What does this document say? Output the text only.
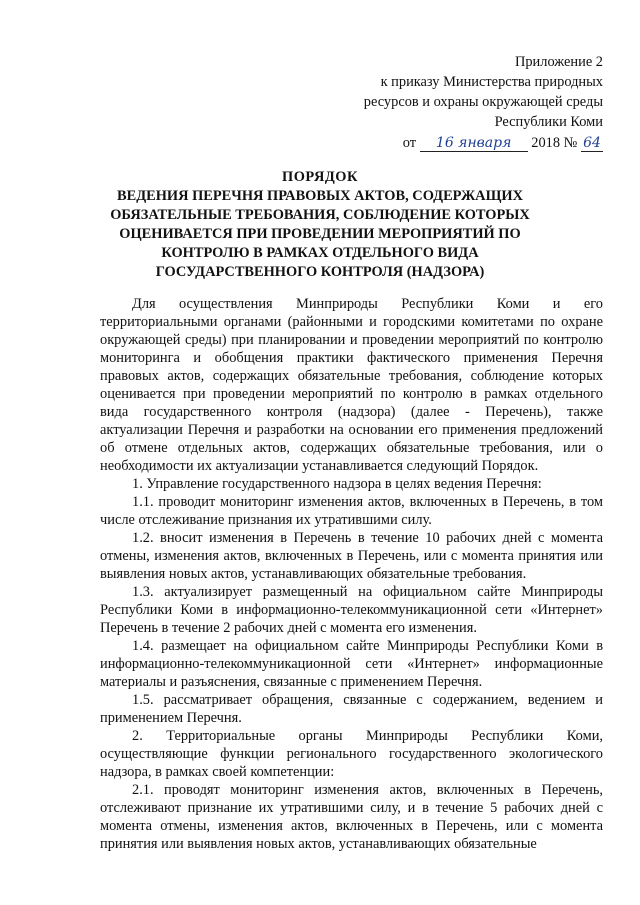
Приложение 2
к приказу Министерства природных
ресурсов и охраны окружающей среды
Республики Коми
от 16 января 2018 № 64
ПОРЯДОК
ВЕДЕНИЯ ПЕРЕЧНЯ ПРАВОВЫХ АКТОВ, СОДЕРЖАЩИХ
ОБЯЗАТЕЛЬНЫЕ ТРЕБОВАНИЯ, СОБЛЮДЕНИЕ КОТОРЫХ
ОЦЕНИВАЕТСЯ ПРИ ПРОВЕДЕНИИ МЕРОПРИЯТИЙ ПО
КОНТРОЛЮ В РАМКАХ ОТДЕЛЬНОГО ВИДА
ГОСУДАРСТВЕННОГО КОНТРОЛЯ (НАДЗОРА)

Для осуществления Минприроды Республики Коми и его территориальными органами (районными и городскими комитетами по охране окружающей среды) при планировании и проведении мероприятий по контролю мониторинга и обобщения практики фактического применения Перечня правовых актов, содержащих обязательные требования, соблюдение которых оценивается при проведении мероприятий по контролю в рамках отдельного вида государственного контроля (надзора) (далее - Перечень), также актуализации Перечня и разработки на основании его применения предложений об отмене отдельных актов, содержащих обязательные требования, или о необходимости их актуализации устанавливается следующий Порядок.

1. Управление государственного надзора в целях ведения Перечня:

1.1. проводит мониторинг изменения актов, включенных в Перечень, в том числе отслеживание признания их утратившими силу.

1.2. вносит изменения в Перечень в течение 10 рабочих дней с момента отмены, изменения актов, включенных в Перечень, или с момента принятия или выявления новых актов, устанавливающих обязательные требования.

1.3. актуализирует размещенный на официальном сайте Минприроды Республики Коми в информационно-телекоммуникационной сети «Интернет» Перечень в течение 2 рабочих дней с момента его изменения.

1.4. размещает на официальном сайте Минприроды Республики Коми в информационно-телекоммуникационной сети «Интернет» информационные материалы и разъяснения, связанные с применением Перечня.

1.5. рассматривает обращения, связанные с содержанием, ведением и применением Перечня.

2. Территориальные органы Минприроды Республики Коми, осуществляющие функции регионального государственного экологического надзора, в рамках своей компетенции:

2.1. проводят мониторинг изменения актов, включенных в Перечень, отслеживают признание их утратившими силу, и в течение 5 рабочих дней с момента отмены, изменения актов, включенных в Перечень, или с момента принятия или выявления новых актов, устанавливающих обязательные
